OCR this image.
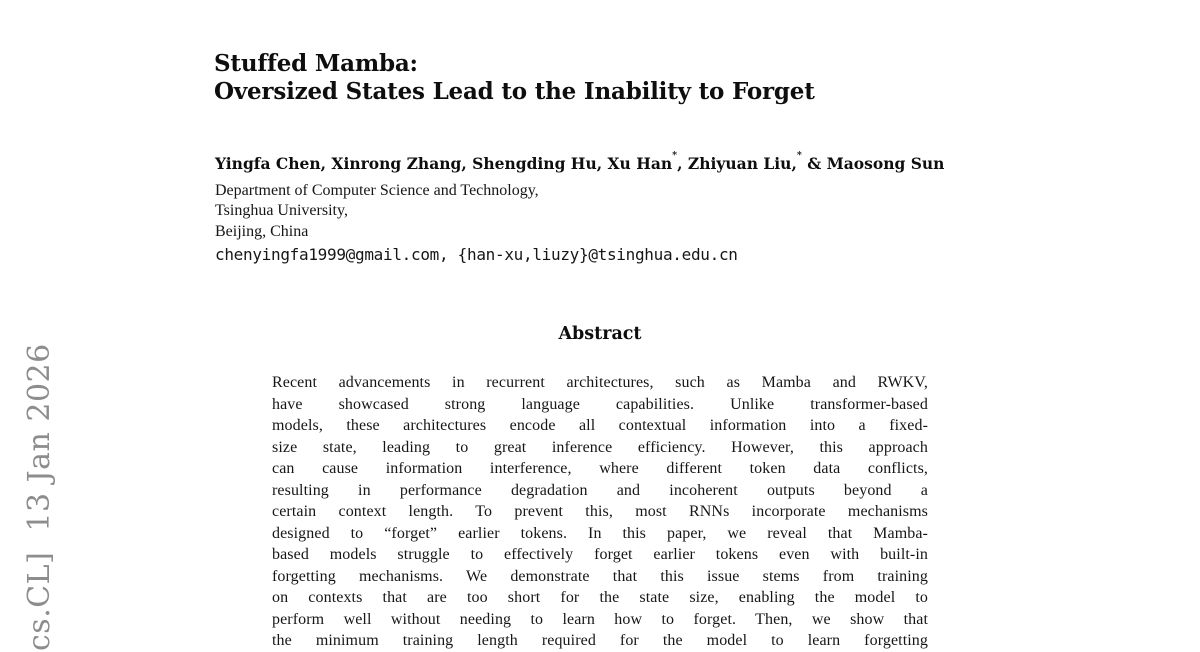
cs.CL]  13 Jan 2026
Stuffed Mamba:
Oversized States Lead to the Inability to Forget
Yingfa Chen, Xinrong Zhang, Shengding Hu, Xu Han*, Zhiyuan Liu,* & Maosong Sun
Department of Computer Science and Technology,
Tsinghua University,
Beijing, China
chenyingfa1999@gmail.com, {han-xu,liuzy}@tsinghua.edu.cn
Abstract
Recent advancements in recurrent architectures, such as Mamba and RWKV,
have showcased strong language capabilities. Unlike transformer-based
models, these architectures encode all contextual information into a fixed-
size state, leading to great inference efficiency. However, this approach
can cause information interference, where different token data conflicts,
resulting in performance degradation and incoherent outputs beyond a
certain context length. To prevent this, most RNNs incorporate mechanisms
designed to “forget” earlier tokens. In this paper, we reveal that Mamba-
based models struggle to effectively forget earlier tokens even with built-in
forgetting mechanisms. We demonstrate that this issue stems from training
on contexts that are too short for the state size, enabling the model to
perform well without needing to learn how to forget. Then, we show that
the minimum training length required for the model to learn forgetting
